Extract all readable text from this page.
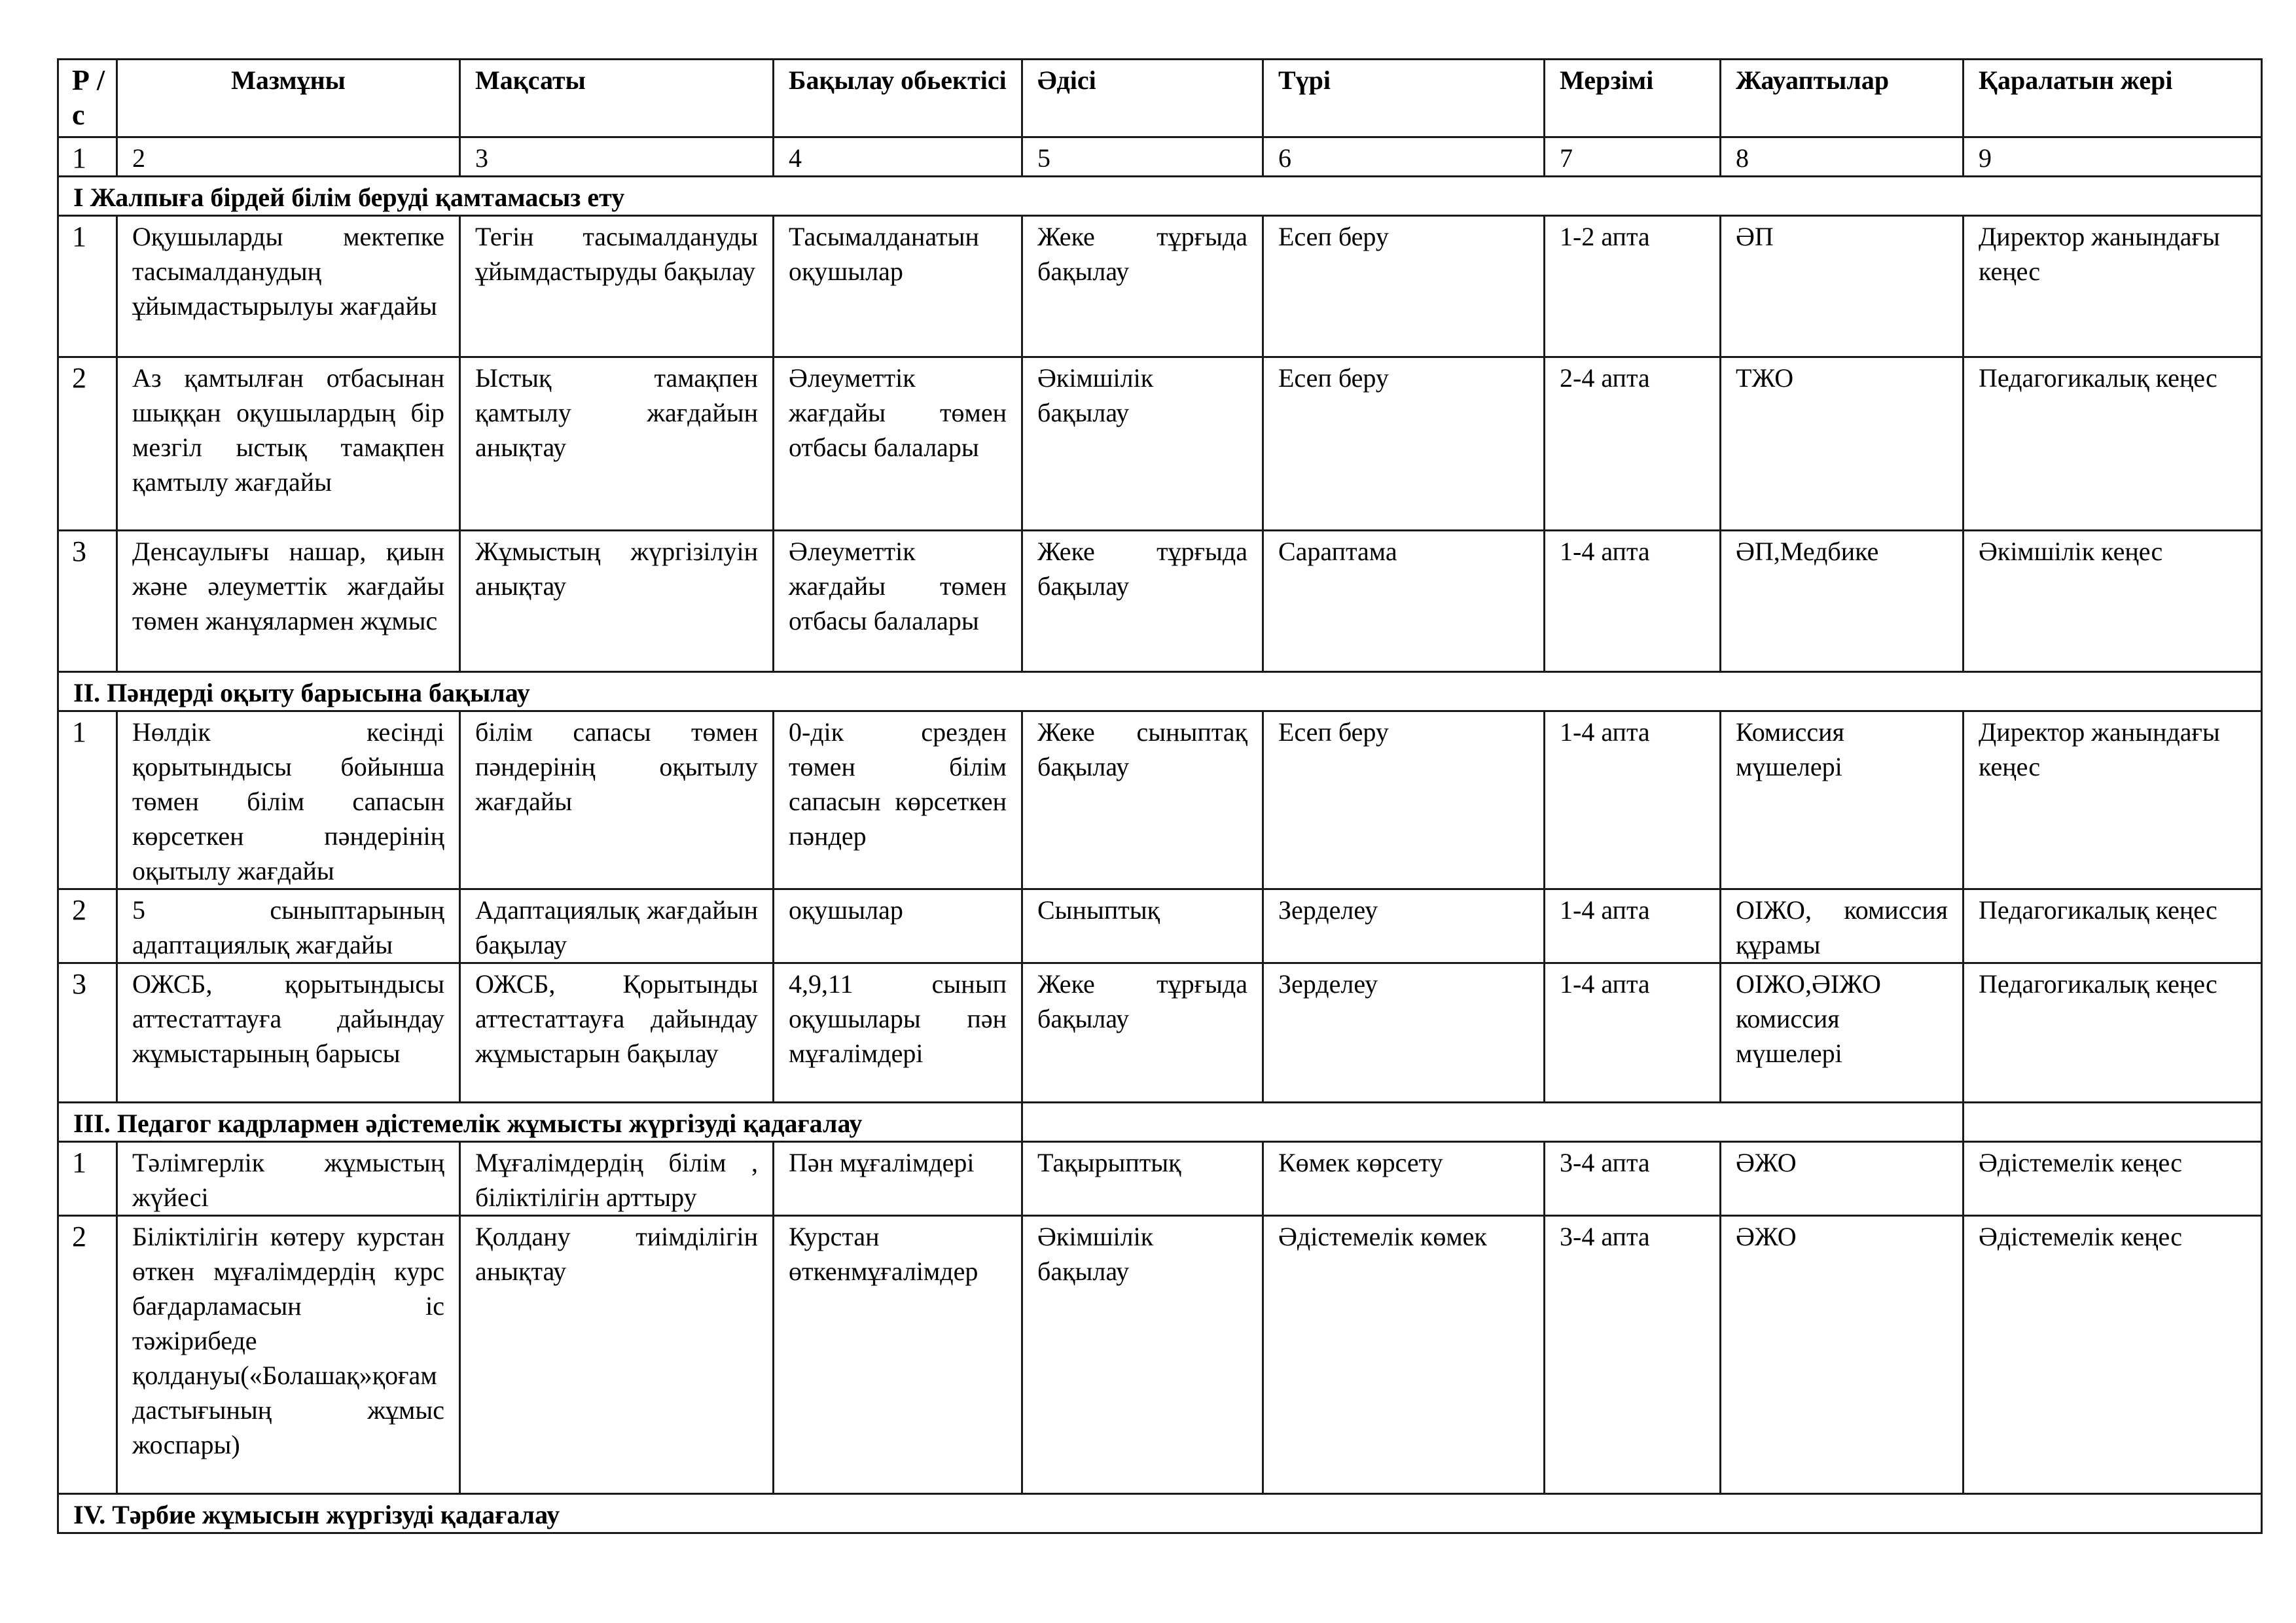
Р /с	Мазмұны	Мақсаты	Бақылау обьектісі	Әдісі	Түрі	Мерзімі	Жауаптылар	Қаралатын жері
1	2	3	4	5	6	7	8	9
I Жалпыға бірдей білім беруді қамтамасыз ету								
1	Оқушыларды мектепке тасымалданудың ұйымдастырылуы жағдайы	Тегін тасымалдануды ұйымдастыруды бақылау	Тасымалданатын оқушылар	Жеке тұрғыда бақылау	Есеп беру	1-2 апта	ӘП	Директор жанындағы кеңес
2	Аз қамтылған отбасынан шыққан оқушылардың бір мезгіл ыстық тамақпен қамтылу жағдайы	Ыстық тамақпен қамтылу жағдайын анықтау	Әлеуметтік жағдайы төмен отбасы балалары	Әкімшілік бақылау	Есеп беру	2-4 апта	ТЖО	Педагогикалық кеңес
3	Денсаулығы нашар, қиын және әлеуметтік жағдайы төмен жанұялармен жұмыс	Жұмыстың жүргізілуін анықтау	Әлеуметтік жағдайы төмен отбасы балалары	Жеке тұрғыда бақылау	Сараптама	1-4 апта	ӘП,Медбике	Әкімшілік кеңес
II. Пәндерді оқыту барысына бақылау								
1	Нөлдік кесінді қорытындысы бойынша төмен білім сапасын көрсеткен пәндерінің оқытылу жағдайы	білім сапасы төмен пәндерінің оқытылу жағдайы	0-дік срезден төмен білім сапасын көрсеткен пәндер	Жеке сыныптақ бақылау	Есеп беру	1-4 апта	Комиссия мүшелері	Директор жанындағы кеңес
2	5 сыныптарының адаптациялық жағдайы	Адаптациялық жағдайын бақылау	оқушылар	Сыныптық	Зерделеу	1-4 апта	ОІЖО, комиссия құрамы	Педагогикалық кеңес
3	ОЖСБ, қорытындысы аттестаттауға дайындау жұмыстарының барысы	ОЖСБ, Қорытынды аттестаттауға дайындау жұмыстарын бақылау	4,9,11 сынып оқушылары пән мұғалімдері	Жеке тұрғыда бақылау	Зерделеу	1-4 апта	ОІЖО,ӘІЖО комиссия мүшелері	Педагогикалық кеңес
III. Педагог кадрлармен әдістемелік жұмысты жүргізуді қадағалау								
1	Тәлімгерлік жұмыстың жүйесі	Мұғалімдердің білім , біліктілігін арттыру	Пән мұғалімдері	Тақырыптық	Көмек көрсету	3-4 апта	ӘЖО	Әдістемелік кеңес
2	Біліктілігін көтеру курстан өткен мұғалімдердің курс бағдарламасын іс тәжірибеде қолдануы(«Болашақ»қоғамдастығының жұмыс жоспары)	Қолдану тиімділігін анықтау	Курстан өткенмұғалімдер	Әкімшілік бақылау	Әдістемелік көмек	3-4 апта	ӘЖО	Әдістемелік кеңес
IV. Тәрбие жұмысын жүргізуді қадағалау								
